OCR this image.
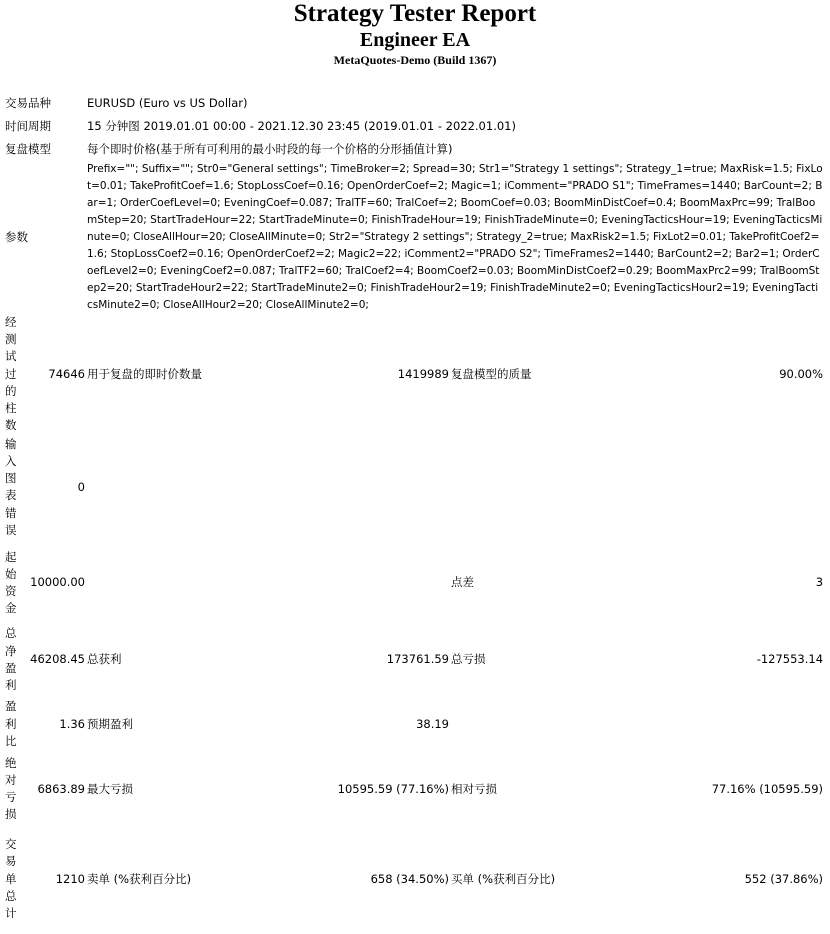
Strategy Tester Report
Engineer EA
MetaQuotes-Demo (Build 1367)
交易品种		EURUSD (Euro vs US Dollar)			
时间周期		15 分钟图 2019.01.01 00:00 - 2021.12.30 23:45 (2019.01.01 - 2022.01.01)			
复盘模型		每个即时价格(基于所有可利用的最小时段的每一个价格的分形插值计算)			
参数		Prefix=""; Suffix=""; Str0="General settings"; TimeBroker=2; Spread=30; Str1="Strategy 1 settings"; Strategy_1=true; MaxRisk=1.5; FixLot=0.01; TakeProfitCoef=1.6; StopLossCoef=0.16; OpenOrderCoef=2; Magic=1; iComment="PRADO S1"; TimeFrames=1440; BarCount=2; Bar=1; OrderCoefLevel=0; EveningCoef=0.087; TralTF=60; TralCoef=2; BoomCoef=0.03; BoomMinDistCoef=0.4; BoomMaxPrc=99; TralBoomStep=20; StartTradeHour=22; StartTradeMinute=0; FinishTradeHour=19; FinishTradeMinute=0; EveningTacticsHour=19; EveningTacticsMinute=0; CloseAllHour=20; CloseAllMinute=0; Str2="Strategy 2 settings"; Strategy_2=true; MaxRisk2=1.5; FixLot2=0.01; TakeProfitCoef2=1.6; StopLossCoef2=0.16; OpenOrderCoef2=2; Magic2=22; iComment2="PRADO S2"; TimeFrames2=1440; BarCount2=2; Bar2=1; OrderCoefLevel2=0; EveningCoef2=0.087; TralTF2=60; TralCoef2=4; BoomCoef2=0.03; BoomMinDistCoef2=0.29; BoomMaxPrc2=99; TralBoomStep2=20; StartTradeHour2=22; StartTradeMinute2=0; FinishTradeHour2=19; FinishTradeMinute2=0; EveningTacticsHour2=19; EveningTacticsMinute2=0; CloseAllHour2=20; CloseAllMinute2=0;			

经测试过的柱数	74646	用于复盘的即时价数量	1419989	复盘模型的质量	90.00%

输入图表错误	0				

起始资金	10000.00			点差	3

总净盈利	46208.45	总获利	173761.59	总亏损	-127553.14

盈利比	1.36	预期盈利	38.19		

绝对亏损	6863.89	最大亏损	10595.59 (77.16%)	相对亏损	77.16% (10595.59)

交易单总计	1210	卖单 (%获利百分比)	658 (34.50%)	买单 (%获利百分比)	552 (37.86%)
